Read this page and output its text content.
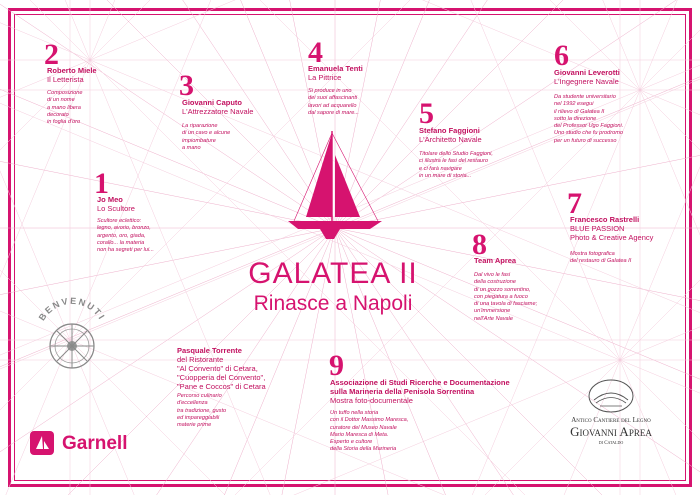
1
Jo Meo
Lo Scultore
Scultore eclettico:
legno, avorio, bronzo,
argento, oro, giada,
corallo... la materia
non ha segreti per lui...
2
Roberto Miele
Il Letterista
Composizione
di un nome
a mano libera
decorato
in foglia d'oro
3
Giovanni Caputo
L'Attrezzatore Navale
La riparazione
di un cavo e alcune
impiombature
a mano
4
Emanuela Tenti
La Pittrice
Si produce in uno
dei suoi affascinanti
lavori ad acquarello
dal sapore di mare... 5
Stefano Faggioni
L'Architetto Navale
Titolare dello Studio Faggioni,
ci illustra le fasi del restauro
e ci farà navigare
in un mare di storia...
6
Giovanni Leverotti
L'Ingegnere Navale
Da studente universitario
nel 1992 esegui
il rilievo di Galatea II
sotto la direzione
del Professor Ugo Faggioni.
Uno studio che fu prodromo
per un futuro di successo
7
Francesco Rastrelli
BLUE PASSION
Photo & Creative Agency
Mostra fotografica
del restauro di Galatea II
8
Team Aprea
Dal vivo le fasi
della costruzione
di un gozzo sorrentino,
con piegatura a fuoco
di una tavola di fasciame;
un'immersione
nell'Arte Navale
9
Associazione di Studi Ricerche e Documentazione
sulla Marineria della Penisola Sorrentina
Mostra foto-documentale
Un tuffo nella storia
con il Dottor Massimo Maresca,
curatore del Museo Navale
Mario Maresca di Meta.
Esperto e cultore
della Storia della Marineria
Pasquale Torrente
del Ristorante
"Al Convento" di Cetara,
"Cuopperia del Convento",
"Pane e Coccos" di Cetara
Percorso culinario
d'eccellenza
tra tradizione, gusto
ed impareggiabili
materie prime
GALATEA II
Rinasce a Napoli
BENVENUTI
Garnell
Antico Cantiere del Legno
Giovanni Aprea
di Cataldo
